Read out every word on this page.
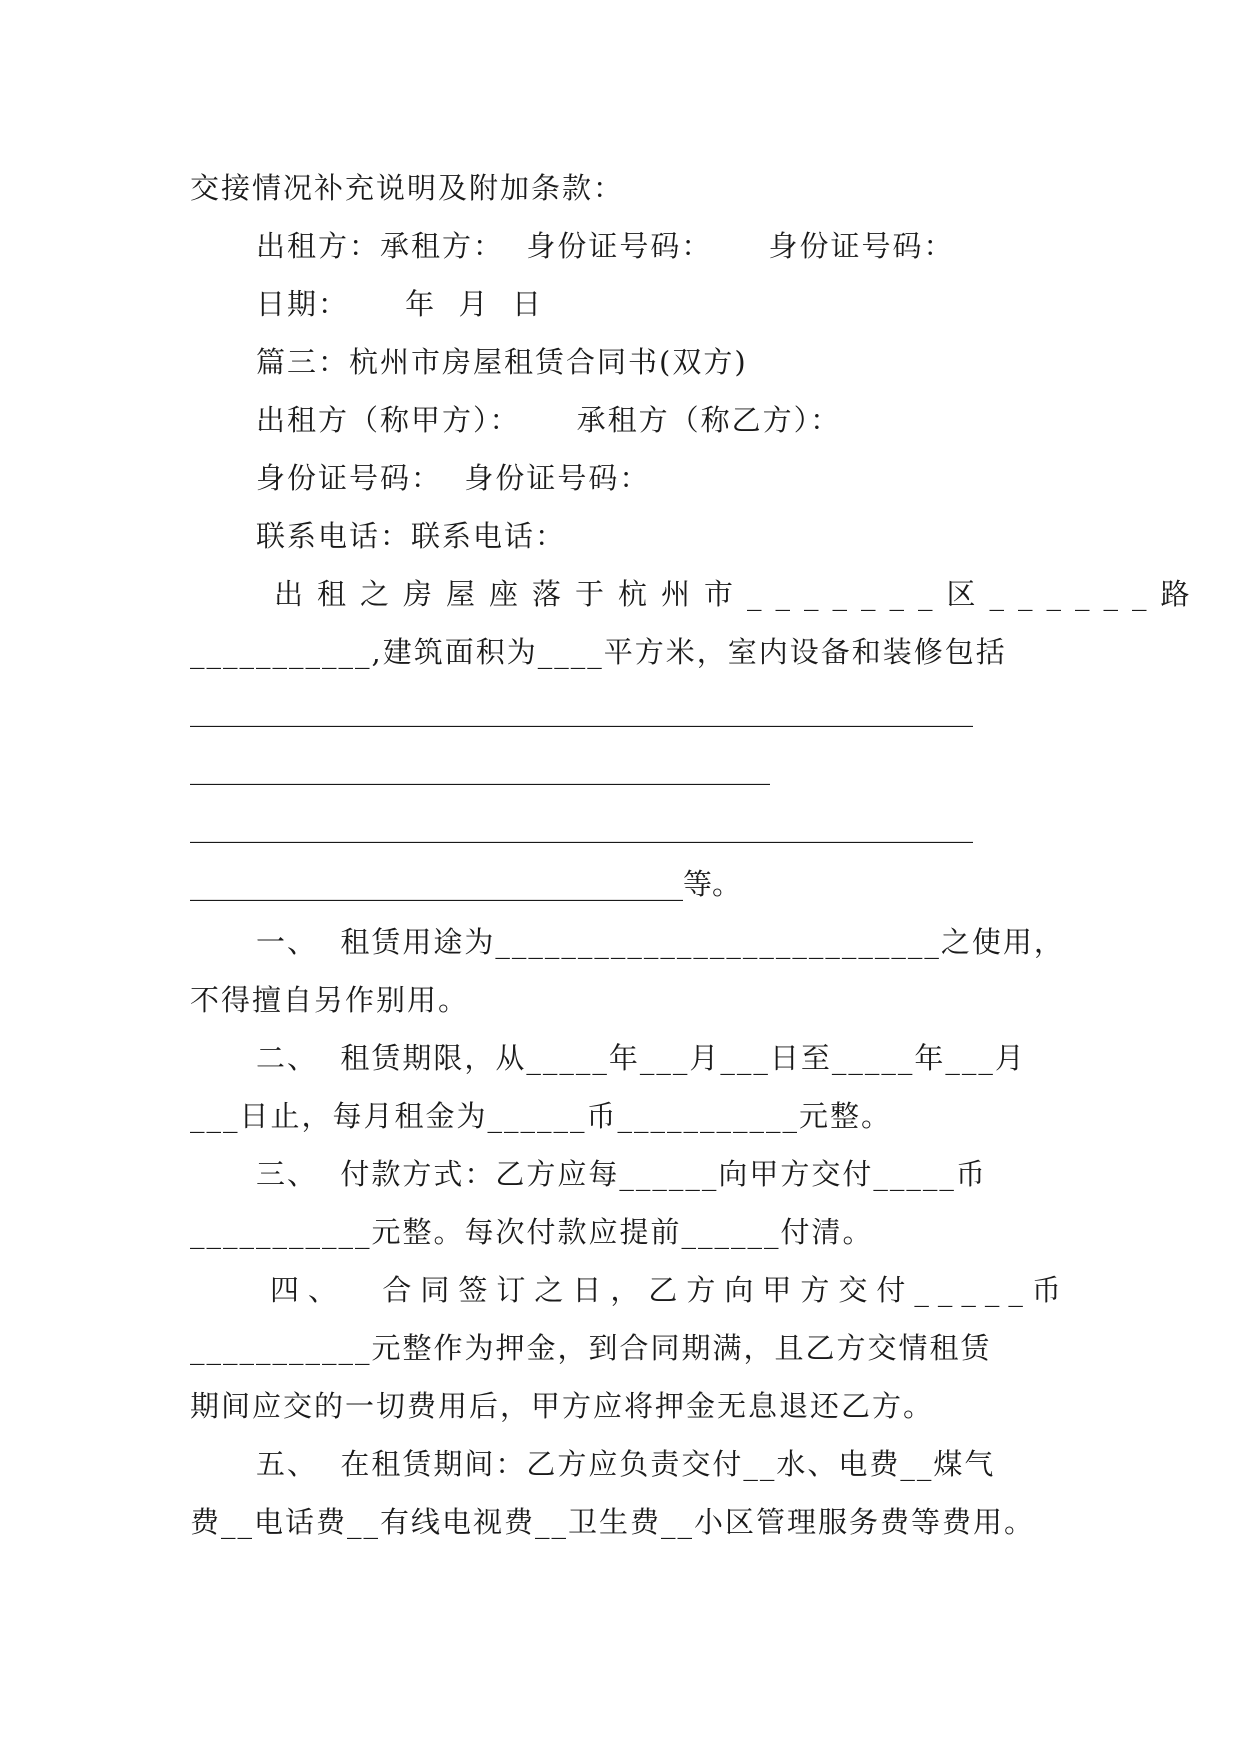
交接情况补充说明及附加条款：
出租方：承租方：  身份证号码：     身份证号码：
日期：     年  月  日
篇三：杭州市房屋租赁合同书(双方)
出租方（称甲方）：     承租方（称乙方）：
身份证号码：  身份证号码：
联系电话：联系电话：
出租之房屋座落于杭州市_______区______路
___________,建筑面积为____平方米，室内设备和装修包括
______________________________________________________
________________________________________
______________________________________________________
__________________________________等。
一、  租赁用途为___________________________之使用，
不得擅自另作别用。
二、  租赁期限，从_____年___月___日至_____年___月
___日止，每月租金为______币___________元整。
三、  付款方式：乙方应每______向甲方交付_____币
___________元整。每次付款应提前______付清。
四、  合同签订之日，乙方向甲方交付_____币
___________元整作为押金，到合同期满，且乙方交情租赁
期间应交的一切费用后，甲方应将押金无息退还乙方。
五、  在租赁期间：乙方应负责交付__水、电费__煤气
费__电话费__有线电视费__卫生费__小区管理服务费等费用。
